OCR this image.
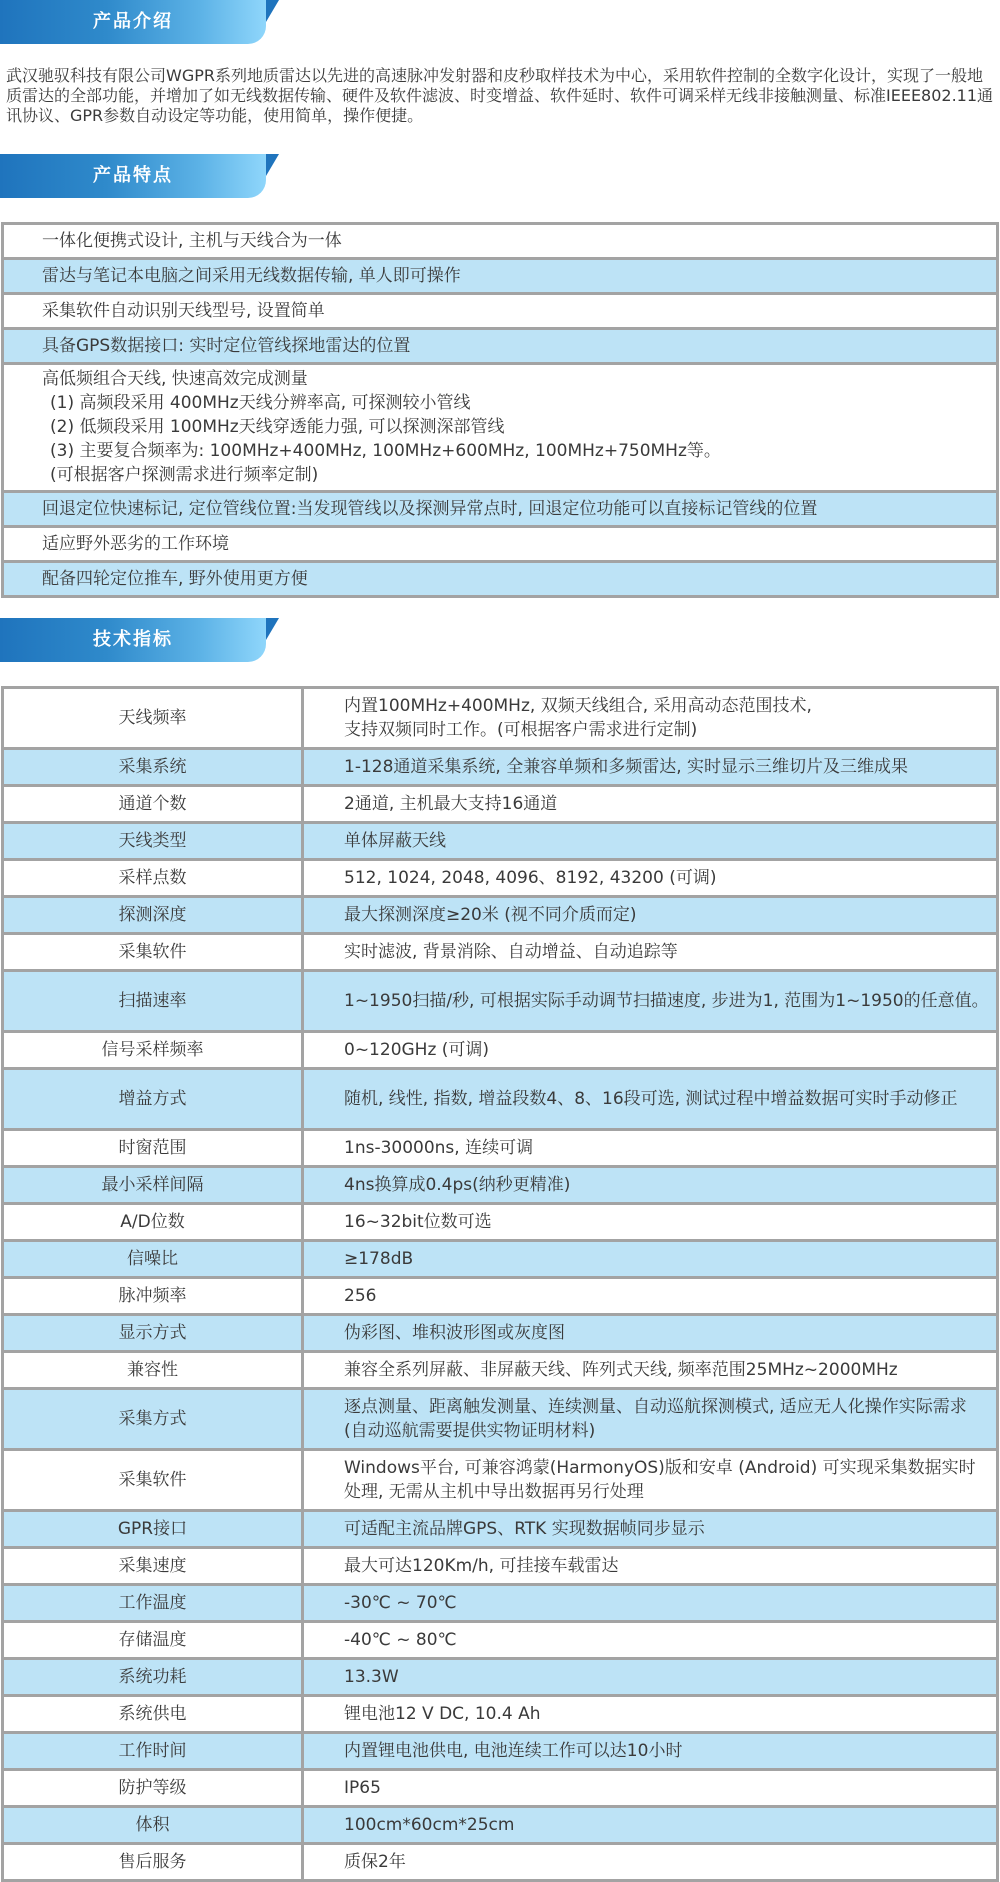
产品介绍
武汉驰驭科技有限公司WGPR系列地质雷达以先进的高速脉冲发射器和皮秒取样技术为中心，采用软件控制的全数字化设计，实现了一般地质雷达的全部功能，并增加了如无线数据传输、硬件及软件滤波、时变增益、软件延时、软件可调采样无线非接触测量、标准IEEE802.11通讯协议、GPR参数自动设定等功能，使用简单，操作便捷。
产品特点
一体化便携式设计, 主机与天线合为一体
雷达与笔记本电脑之间采用无线数据传输, 单人即可操作
采集软件自动识别天线型号, 设置简单
具备GPS数据接口: 实时定位管线探地雷达的位置
高低频组合天线, 快速高效完成测量
(1) 高频段采用 400MHz天线分辨率高, 可探测较小管线
(2) 低频段采用 100MHz天线穿透能力强, 可以探测深部管线
(3) 主要复合频率为: 100MHz+400MHz, 100MHz+600MHz, 100MHz+750MHz等。
(可根据客户探测需求进行频率定制)

回退定位快速标记, 定位管线位置:当发现管线以及探测异常点时, 回退定位功能可以直接标记管线的位置
适应野外恶劣的工作环境
配备四轮定位推车, 野外使用更方便
技术指标
天线频率	内置100MHz+400MHz, 双频天线组合, 采用高动态范围技术,
支持双频同时工作。(可根据客户需求进行定制)
采集系统	1-128通道采集系统, 全兼容单频和多频雷达, 实时显示三维切片及三维成果
通道个数	2通道, 主机最大支持16通道
天线类型	单体屏蔽天线
采样点数	512, 1024, 2048, 4096、8192, 43200 (可调)
探测深度	最大探测深度≥20米 (视不同介质而定)
采集软件	实时滤波, 背景消除、自动增益、自动追踪等
扫描速率	1~1950扫描/秒, 可根据实际手动调节扫描速度, 步进为1, 范围为1~1950的任意值。
信号采样频率	0~120GHz (可调)
增益方式	随机, 线性, 指数, 增益段数4、8、16段可选, 测试过程中增益数据可实时手动修正
时窗范围	1ns-30000ns, 连续可调
最小采样间隔	4ns换算成0.4ps(纳秒更精准)
A/D位数	16~32bit位数可选
信噪比	≥178dB
脉冲频率	256
显示方式	伪彩图、堆积波形图或灰度图
兼容性	兼容全系列屏蔽、非屏蔽天线、阵列式天线, 频率范围25MHz~2000MHz
采集方式	逐点测量、距离触发测量、连续测量、自动巡航探测模式, 适应无人化操作实际需求 (自动巡航需要提供实物证明材料)
采集软件	Windows平台, 可兼容鸿蒙(HarmonyOS)版和安卓 (Android) 可实现采集数据实时处理, 无需从主机中导出数据再另行处理
GPR接口	可适配主流品牌GPS、RTK 实现数据帧同步显示
采集速度	最大可达120Km/h, 可挂接车载雷达
工作温度	-30℃ ~ 70℃
存储温度	-40℃ ~ 80℃
系统功耗	13.3W
系统供电	锂电池12 V DC, 10.4 Ah
工作时间	内置锂电池供电, 电池连续工作可以达10小时
防护等级	IP65
体积	100cm*60cm*25cm
售后服务	质保2年
